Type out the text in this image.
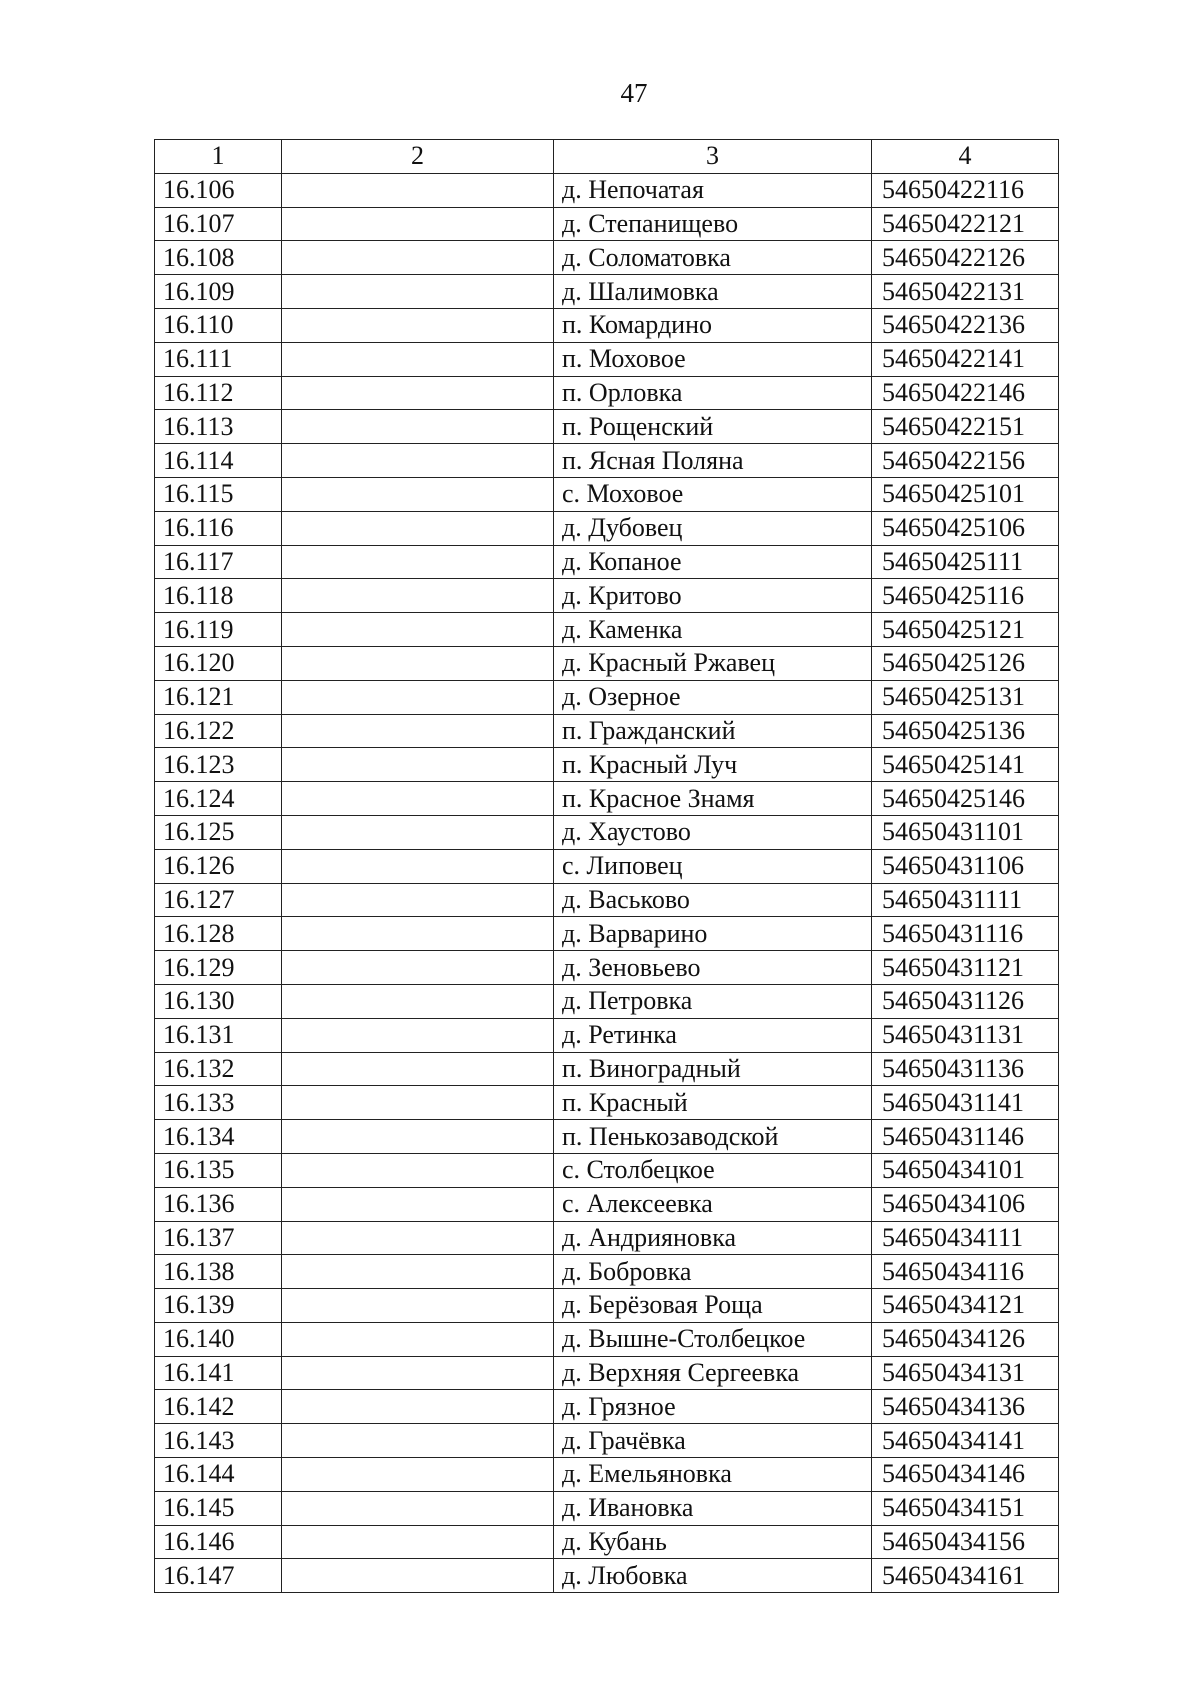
47
1	2	3	4
16.106		д. Непочатая	54650422116
16.107		д. Степанищево	54650422121
16.108		д. Соломатовка	54650422126
16.109		д. Шалимовка	54650422131
16.110		п. Комардино	54650422136
16.111		п. Моховое	54650422141
16.112		п. Орловка	54650422146
16.113		п. Рощенский	54650422151
16.114		п. Ясная Поляна	54650422156
16.115		с. Моховое	54650425101
16.116		д. Дубовец	54650425106
16.117		д. Копаное	54650425111
16.118		д. Критово	54650425116
16.119		д. Каменка	54650425121
16.120		д. Красный Ржавец	54650425126
16.121		д. Озерное	54650425131
16.122		п. Гражданский	54650425136
16.123		п. Красный Луч	54650425141
16.124		п. Красное Знамя	54650425146
16.125		д. Хаустово	54650431101
16.126		с. Липовец	54650431106
16.127		д. Васьково	54650431111
16.128		д. Варварино	54650431116
16.129		д. Зеновьево	54650431121
16.130		д. Петровка	54650431126
16.131		д. Ретинка	54650431131
16.132		п. Виноградный	54650431136
16.133		п. Красный	54650431141
16.134		п. Пенькозаводской	54650431146
16.135		с. Столбецкое	54650434101
16.136		с. Алексеевка	54650434106
16.137		д. Андрияновка	54650434111
16.138		д. Бобровка	54650434116
16.139		д. Берёзовая Роща	54650434121
16.140		д. Вышне-Столбецкое	54650434126
16.141		д. Верхняя Сергеевка	54650434131
16.142		д. Грязное	54650434136
16.143		д. Грачёвка	54650434141
16.144		д. Емельяновка	54650434146
16.145		д. Ивановка	54650434151
16.146		д. Кубань	54650434156
16.147		д. Любовка	54650434161
